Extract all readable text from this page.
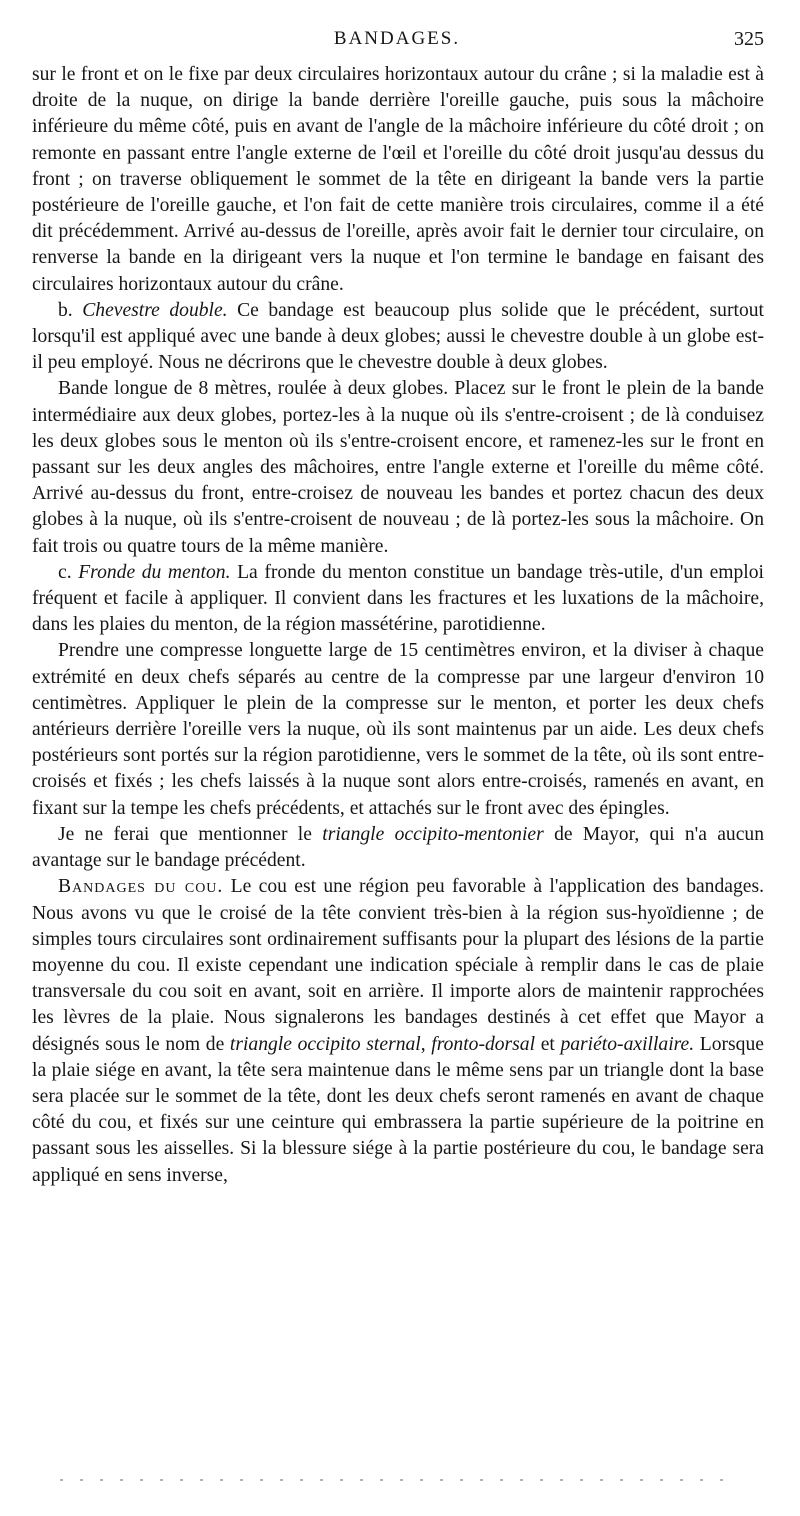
BANDAGES.	325

sur le front et on le fixe par deux circulaires horizontaux autour du crâne ; si la maladie est à droite de la nuque, on dirige la bande derrière l'oreille gauche, puis sous la mâchoire inférieure du même côté, puis en avant de l'angle de la mâchoire inférieure du côté droit ; on remonte en passant entre l'angle externe de l'œil et l'oreille du côté droit jusqu'au dessus du front ; on traverse obliquement le sommet de la tête en dirigeant la bande vers la partie postérieure de l'oreille gauche, et l'on fait de cette manière trois circulaires, comme il a été dit précédemment. Arrivé au-dessus de l'oreille, après avoir fait le dernier tour circulaire, on renverse la bande en la dirigeant vers la nuque et l'on termine le bandage en faisant des circulaires horizontaux autour du crâne.

b. Chevestre double. Ce bandage est beaucoup plus solide que le précédent, surtout lorsqu'il est appliqué avec une bande à deux globes; aussi le chevestre double à un globe est-il peu employé. Nous ne décrirons que le chevestre double à deux globes.

Bande longue de 8 mètres, roulée à deux globes. Placez sur le front le plein de la bande intermédiaire aux deux globes, portez-les à la nuque où ils s'entre-croisent ; de là conduisez les deux globes sous le menton où ils s'entre-croisent encore, et ramenez-les sur le front en passant sur les deux angles des mâchoires, entre l'angle externe et l'oreille du même côté. Arrivé au-dessus du front, entre-croisez de nouveau les bandes et portez chacun des deux globes à la nuque, où ils s'entre-croisent de nouveau ; de là portez-les sous la mâchoire. On fait trois ou quatre tours de la même manière.

c. Fronde du menton. La fronde du menton constitue un bandage très-utile, d'un emploi fréquent et facile à appliquer. Il convient dans les fractures et les luxations de la mâchoire, dans les plaies du menton, de la région massétérine, parotidienne.

Prendre une compresse longuette large de 15 centimètres environ, et la diviser à chaque extrémité en deux chefs séparés au centre de la compresse par une largeur d'environ 10 centimètres. Appliquer le plein de la compresse sur le menton, et porter les deux chefs antérieurs derrière l'oreille vers la nuque, où ils sont maintenus par un aide. Les deux chefs postérieurs sont portés sur la région parotidienne, vers le sommet de la tête, où ils sont entre-croisés et fixés ; les chefs laissés à la nuque sont alors entre-croisés, ramenés en avant, en fixant sur la tempe les chefs précédents, et attachés sur le front avec des épingles.

Je ne ferai que mentionner le triangle occipito-mentonier de Mayor, qui n'a aucun avantage sur le bandage précédent.

Bandages du cou. Le cou est une région peu favorable à l'application des bandages. Nous avons vu que le croisé de la tête convient très-bien à la région sus-hyoïdienne ; de simples tours circulaires sont ordinairement suffisants pour la plupart des lésions de la partie moyenne du cou. Il existe cependant une indication spéciale à remplir dans le cas de plaie transversale du cou soit en avant, soit en arrière. Il importe alors de maintenir rapprochées les lèvres de la plaie. Nous signalerons les bandages destinés à cet effet que Mayor a désignés sous le nom de triangle occipito sternal, fronto-dorsal et pariéto-axillaire. Lorsque la plaie siége en avant, la tête sera maintenue dans le même sens par un triangle dont la base sera placée sur le sommet de la tête, dont les deux chefs seront ramenés en avant de chaque côté du cou, et fixés sur une ceinture qui embrassera la partie supérieure de la poitrine en passant sous les aisselles. Si la blessure siége à la partie postérieure du cou, le bandage sera appliqué en sens inverse,
